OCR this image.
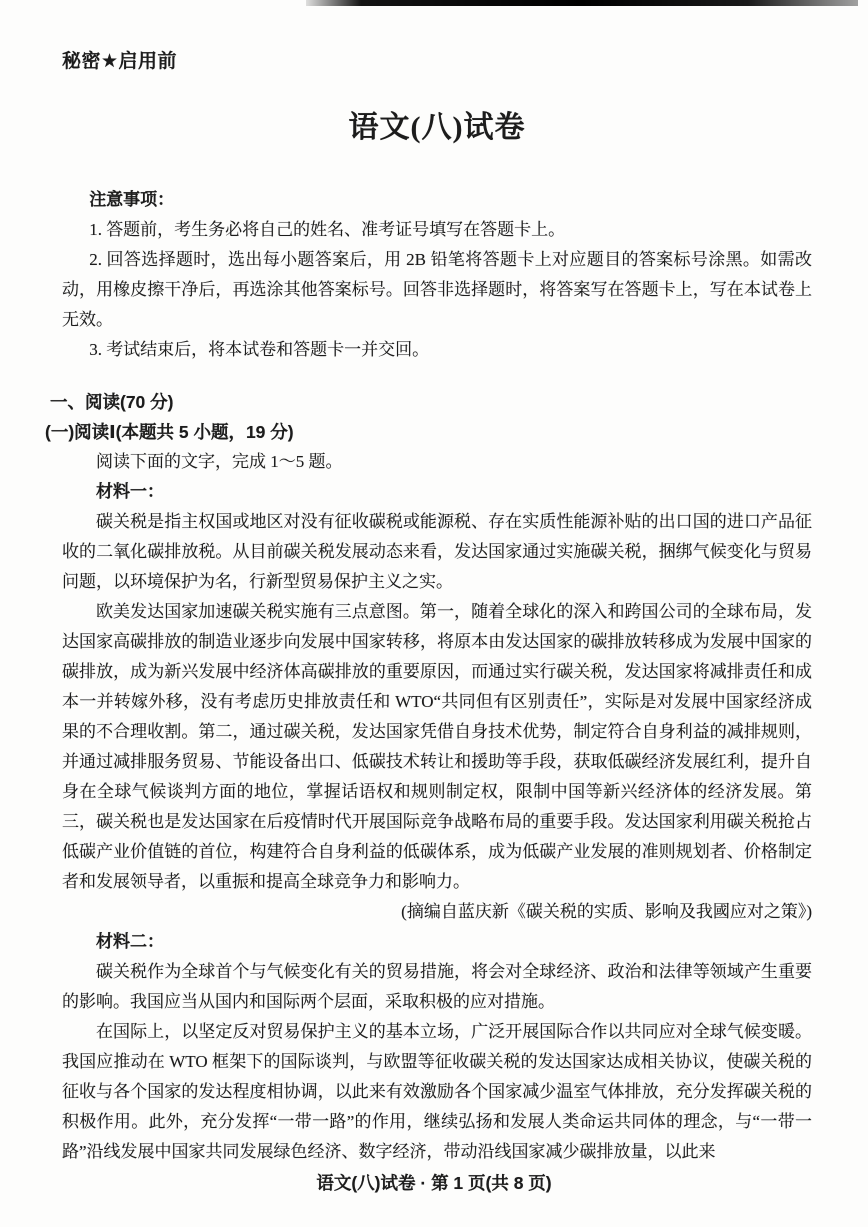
秘密★启用前
语文(八)试卷

注意事项：

1. 答题前，考生务必将自己的姓名、准考证号填写在答题卡上。

2. 回答选择题时，选出每小题答案后，用 2B 铅笔将答题卡上对应题目的答案标号涂黑。如需改动，用橡皮擦干净后，再选涂其他答案标号。回答非选择题时，将答案写在答题卡上，写在本试卷上无效。

3. 考试结束后，将本试卷和答题卡一并交回。

一、阅读(70 分)
(一)阅读Ⅰ(本题共 5 小题，19 分)

阅读下面的文字，完成 1～5 题。

材料一：

碳关税是指主权国或地区对没有征收碳税或能源税、存在实质性能源补贴的出口国的进口产品征收的二氧化碳排放税。从目前碳关税发展动态来看，发达国家通过实施碳关税，捆绑气候变化与贸易问题，以环境保护为名，行新型贸易保护主义之实。

欧美发达国家加速碳关税实施有三点意图。第一，随着全球化的深入和跨国公司的全球布局，发达国家高碳排放的制造业逐步向发展中国家转移，将原本由发达国家的碳排放转移成为发展中国家的碳排放，成为新兴发展中经济体高碳排放的重要原因，而通过实行碳关税，发达国家将减排责任和成本一并转嫁外移，没有考虑历史排放责任和 WTO“共同但有区别责任”，实际是对发展中国家经济成果的不合理收割。第二，通过碳关税，发达国家凭借自身技术优势，制定符合自身利益的减排规则，并通过减排服务贸易、节能设备出口、低碳技术转让和援助等手段，获取低碳经济发展红利，提升自身在全球气候谈判方面的地位，掌握话语权和规则制定权，限制中国等新兴经济体的经济发展。第三，碳关税也是发达国家在后疫情时代开展国际竞争战略布局的重要手段。发达国家利用碳关税抢占低碳产业价值链的首位，构建符合自身利益的低碳体系，成为低碳产业发展的准则规划者、价格制定者和发展领导者，以重振和提高全球竞争力和影响力。

(摘编自蓝庆新《碳关税的实质、影响及我國应对之策》)

材料二：

碳关税作为全球首个与气候变化有关的贸易措施，将会对全球经济、政治和法律等领域产生重要的影响。我国应当从国内和国际两个层面，采取积极的应对措施。

在国际上，以坚定反对贸易保护主义的基本立场，广泛开展国际合作以共同应对全球气候变暖。我国应推动在 WTO 框架下的国际谈判，与欧盟等征收碳关税的发达国家达成相关协议，使碳关税的征收与各个国家的发达程度相协调，以此来有效激励各个国家减少温室气体排放，充分发挥碳关税的积极作用。此外，充分发挥“一带一路”的作用，继续弘扬和发展人类命运共同体的理念，与“一带一路”沿线发展中国家共同发展绿色经济、数字经济，带动沿线国家减少碳排放量，以此来

语文(八)试卷 · 第 1 页(共 8 页)
